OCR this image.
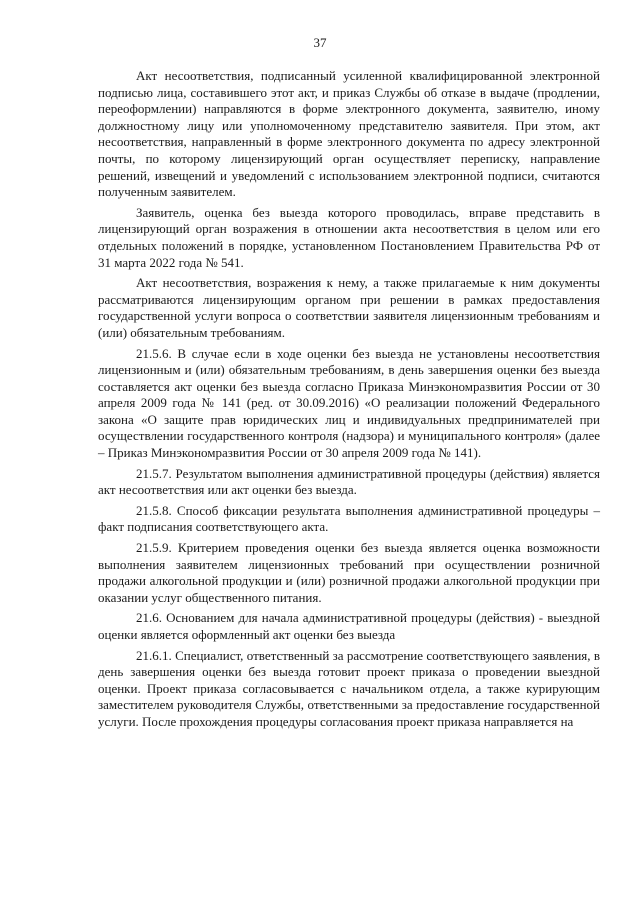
37

Акт несоответствия, подписанный усиленной квалифицированной электронной подписью лица, составившего этот акт, и приказ Службы об отказе в выдаче (продлении, переоформлении) направляются в форме электронного документа, заявителю, иному должностному лицу или уполномоченному представителю заявителя. При этом, акт несоответствия, направленный в форме электронного документа по адресу электронной почты, по которому лицензирующий орган осуществляет переписку, направление решений, извещений и уведомлений с использованием электронной подписи, считаются полученным заявителем.

Заявитель, оценка без выезда которого проводилась, вправе представить в лицензирующий орган возражения в отношении акта несоответствия в целом или его отдельных положений в порядке, установленном Постановлением Правительства РФ от 31 марта 2022 года № 541.

Акт несоответствия, возражения к нему, а также прилагаемые к ним документы рассматриваются лицензирующим органом при решении в рамках предоставления государственной услуги вопроса о соответствии заявителя лицензионным требованиям и (или) обязательным требованиям.

21.5.6. В случае если в ходе оценки без выезда не установлены несоответствия лицензионным и (или) обязательным требованиям, в день завершения оценки без выезда составляется акт оценки без выезда согласно Приказа Минэкономразвития России от 30 апреля 2009 года № 141 (ред. от 30.09.2016) «О реализации положений Федерального закона «О защите прав юридических лиц и индивидуальных предпринимателей при осуществлении государственного контроля (надзора) и муниципального контроля» (далее – Приказ Минэкономразвития России от 30 апреля 2009 года № 141).

21.5.7. Результатом выполнения административной процедуры (действия) является акт несоответствия или акт оценки без выезда.

21.5.8. Способ фиксации результата выполнения административной процедуры – факт подписания соответствующего акта.

21.5.9. Критерием проведения оценки без выезда является оценка возможности выполнения заявителем лицензионных требований при осуществлении розничной продажи алкогольной продукции и (или) розничной продажи алкогольной продукции при оказании услуг общественного питания.

21.6. Основанием для начала административной процедуры (действия) - выездной оценки является оформленный акт оценки без выезда

21.6.1. Специалист, ответственный за рассмотрение соответствующего заявления, в день завершения оценки без выезда готовит проект приказа о проведении выездной оценки. Проект приказа согласовывается с начальником отдела, а также курирующим заместителем руководителя Службы, ответственными за предоставление государственной услуги. После прохождения процедуры согласования проект приказа направляется на
